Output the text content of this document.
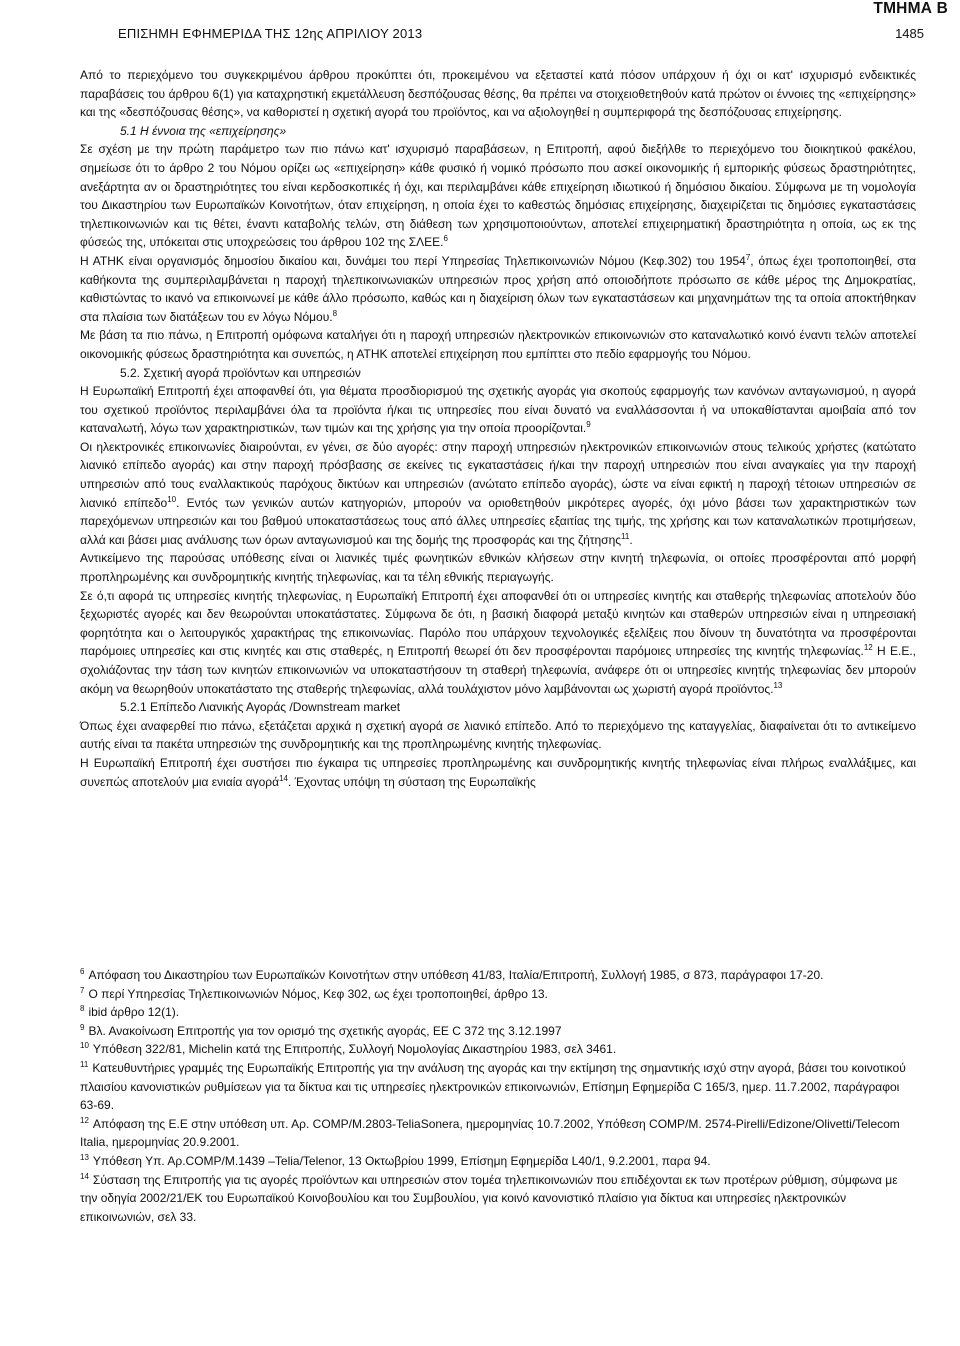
ΤΜΗΜΑ Β
ΕΠΙΣΗΜΗ ΕΦΗΜΕΡΙΔΑ ΤΗΣ 12ης ΑΠΡΙΛΙΟΥ 2013	1485

Από το περιεχόμενο του συγκεκριμένου άρθρου προκύπτει ότι, προκειμένου να εξεταστεί κατά πόσον υπάρχουν ή όχι οι κατ' ισχυρισμό ενδεικτικές παραβάσεις του άρθρου 6(1) για καταχρηστική εκμετάλλευση δεσπόζουσας θέσης, θα πρέπει να στοιχειοθετηθούν κατά πρώτον οι έννοιες της «επιχείρησης» και της «δεσπόζουσας θέσης», να καθοριστεί η σχετική αγορά του προϊόντος, και να αξιολογηθεί η συμπεριφορά της δεσπόζουσας επιχείρησης.

5.1 Η έννοια της «επιχείρησης»

Σε σχέση με την πρώτη παράμετρο των πιο πάνω κατ' ισχυρισμό παραβάσεων, η Επιτροπή, αφού διεξήλθε το περιεχόμενο του διοικητικού φακέλου, σημείωσε ότι το άρθρο 2 του Νόμου ορίζει ως «επιχείρηση» κάθε φυσικό ή νομικό πρόσωπο που ασκεί οικονομικής ή εμπορικής φύσεως δραστηριότητες, ανεξάρτητα αν οι δραστηριότητες του είναι κερδοσκοπικές ή όχι, και περιλαμβάνει κάθε επιχείρηση ιδιωτικού ή δημόσιου δικαίου. Σύμφωνα με τη νομολογία του Δικαστηρίου των Ευρωπαϊκών Κοινοτήτων, όταν επιχείρηση, η οποία έχει το καθεστώς δημόσιας επιχείρησης, διαχειρίζεται τις δημόσιες εγκαταστάσεις τηλεπικοινωνιών και τις θέτει, έναντι καταβολής τελών, στη διάθεση των χρησιμοποιούντων, αποτελεί επιχειρηματική δραστηριότητα η οποία, ως εκ της φύσεώς της, υπόκειται στις υποχρεώσεις του άρθρου 102 της ΣΛΕΕ.$^6$

Η ΑΤΗΚ είναι οργανισμός δημοσίου δικαίου και, δυνάμει του περί Υπηρεσίας Τηλεπικοινωνιών Νόμου (Κεφ.302) του 1954$^7$, όπως έχει τροποποιηθεί, στα καθήκοντα της συμπεριλαμβάνεται η παροχή τηλεπικοινωνιακών υπηρεσιών προς χρήση από οποιοδήποτε πρόσωπο σε κάθε μέρος της Δημοκρατίας, καθιστώντας το ικανό να επικοινωνεί με κάθε άλλο πρόσωπο, καθώς και η διαχείριση όλων των εγκαταστάσεων και μηχανημάτων της τα οποία αποκτήθηκαν στα πλαίσια των διατάξεων του εν λόγω Νόμου.$^8$

Με βάση τα πιο πάνω, η Επιτροπή ομόφωνα καταλήγει ότι η παροχή υπηρεσιών ηλεκτρονικών επικοινωνιών στο καταναλωτικό κοινό έναντι τελών αποτελεί οικονομικής φύσεως δραστηριότητα και συνεπώς, η ΑΤΗΚ αποτελεί επιχείρηση που εμπίπτει στο πεδίο εφαρμογής του Νόμου.

5.2. Σχετική αγορά προϊόντων και υπηρεσιών

Η Ευρωπαϊκή Επιτροπή έχει αποφανθεί ότι, για θέματα προσδιορισμού της σχετικής αγοράς για σκοπούς εφαρμογής των κανόνων ανταγωνισμού, η αγορά του σχετικού προϊόντος περιλαμβάνει όλα τα προϊόντα ή/και τις υπηρεσίες που είναι δυνατό να εναλλάσσονται ή να υποκαθίστανται αμοιβαία από τον καταναλωτή, λόγω των χαρακτηριστικών, των τιμών και της χρήσης για την οποία προορίζονται.$^9$

Οι ηλεκτρονικές επικοινωνίες διαιρούνται, εν γένει, σε δύο αγορές: στην παροχή υπηρεσιών ηλεκτρονικών επικοινωνιών στους τελικούς χρήστες (κατώτατο λιανικό επίπεδο αγοράς) και στην παροχή πρόσβασης σε εκείνες τις εγκαταστάσεις ή/και την παροχή υπηρεσιών που είναι αναγκαίες για την παροχή υπηρεσιών από τους εναλλακτικούς παρόχους δικτύων και υπηρεσιών (ανώτατο επίπεδο αγοράς), ώστε να είναι εφικτή η παροχή τέτοιων υπηρεσιών σε λιανικό επίπεδο$^{10}$. Εντός των γενικών αυτών κατηγοριών, μπορούν να οριοθετηθούν μικρότερες αγορές, όχι μόνο βάσει των χαρακτηριστικών των παρεχόμενων υπηρεσιών και του βαθμού υποκαταστάσεως τους από άλλες υπηρεσίες εξαιτίας της τιμής, της χρήσης και των καταναλωτικών προτιμήσεων, αλλά και βάσει μιας ανάλυσης των όρων ανταγωνισμού και της δομής της προσφοράς και της ζήτησης$^{11}$.

Αντικείμενο της παρούσας υπόθεσης είναι οι λιανικές τιμές φωνητικών εθνικών κλήσεων στην κινητή τηλεφωνία, οι οποίες προσφέρονται από μορφή προπληρωμένης και συνδρομητικής κινητής τηλεφωνίας, και τα τέλη εθνικής περιαγωγής.

Σε ό,τι αφορά τις υπηρεσίες κινητής τηλεφωνίας, η Ευρωπαϊκή Επιτροπή έχει αποφανθεί ότι οι υπηρεσίες κινητής και σταθερής τηλεφωνίας αποτελούν δύο ξεχωριστές αγορές και δεν θεωρούνται υποκατάστατες. Σύμφωνα δε ότι, η βασική διαφορά μεταξύ κινητών και σταθερών υπηρεσιών είναι η υπηρεσιακή φορητότητα και ο λειτουργικός χαρακτήρας της επικοινωνίας. Παρόλο που υπάρχουν τεχνολογικές εξελίξεις που δίνουν τη δυνατότητα να προσφέρονται παρόμοιες υπηρεσίες και στις κινητές και στις σταθερές, η Επιτροπή θεωρεί ότι δεν προσφέρονται παρόμοιες υπηρεσίες της κινητής τηλεφωνίας.$^{12}$ Η Ε.Ε., σχολιάζοντας την τάση των κινητών επικοινωνιών να υποκαταστήσουν τη σταθερή τηλεφωνία, ανάφερε ότι οι υπηρεσίες κινητής τηλεφωνίας δεν μπορούν ακόμη να θεωρηθούν υποκατάστατο της σταθερής τηλεφωνίας, αλλά τουλάχιστον μόνο λαμβάνονται ως χωριστή αγορά προϊόντος.$^{13}$

5.2.1 Επίπεδο Λιανικής Αγοράς /Downstream market

Όπως έχει αναφερθεί πιο πάνω, εξετάζεται αρχικά η σχετική αγορά σε λιανικό επίπεδο. Από το περιεχόμενο της καταγγελίας, διαφαίνεται ότι το αντικείμενο αυτής είναι τα πακέτα υπηρεσιών της συνδρομητικής και της προπληρωμένης κινητής τηλεφωνίας.

Η Ευρωπαϊκή Επιτροπή έχει συστήσει πιο έγκαιρα τις υπηρεσίες προπληρωμένης και συνδρομητικής κινητής τηλεφωνίας είναι πλήρως εναλλάξιμες, και συνεπώς αποτελούν μια ενιαία αγορά$^{14}$. Έχοντας υπόψη τη σύσταση της Ευρωπαϊκής

$^6$ Απόφαση του Δικαστηρίου των Ευρωπαϊκών Κοινοτήτων στην υπόθεση 41/83, Ιταλία/Επιτροπή, Συλλογή 1985, σ 873, παράγραφοι 17-20.

$^7$ Ο περί Υπηρεσίας Τηλεπικοινωνιών Νόμος, Κεφ 302, ως έχει τροποποιηθεί, άρθρο 13.

$^8$ ibid άρθρο 12(1).

$^9$ Βλ. Ανακοίνωση Επιτροπής για τον ορισμό της σχετικής αγοράς, ΕΕ C 372 της 3.12.1997

$^{10}$ Υπόθεση 322/81, Michelin κατά της Επιτροπής, Συλλογή Νομολογίας Δικαστηρίου 1983, σελ 3461.

$^{11}$ Κατευθυντήριες γραμμές της Ευρωπαϊκής Επιτροπής για την ανάλυση της αγοράς και την εκτίμηση της σημαντικής ισχύ στην αγορά, βάσει του κοινοτικού πλαισίου κανονιστικών ρυθμίσεων για τα δίκτυα και τις υπηρεσίες ηλεκτρονικών επικοινωνιών, Επίσημη Εφημερίδα C 165/3, ημερ. 11.7.2002, παράγραφοι 63-69.

$^{12}$ Απόφαση της Ε.Ε στην υπόθεση υπ. Αρ. COMP/M.2803-TeliaSonera, ημερομηνίας 10.7.2002, Υπόθεση COMP/M. 2574-Pirelli/Edizone/Olivetti/Telecom Italia, ημερομηνίας 20.9.2001.

$^{13}$ Υπόθεση Υπ. Αρ.COMP/M.1439 –Telia/Telenor, 13 Οκτωβρίου 1999, Επίσημη Εφημερίδα L40/1, 9.2.2001, παρα 94.

$^{14}$ Σύσταση της Επιτροπής για τις αγορές προϊόντων και υπηρεσιών στον τομέα τηλεπικοινωνιών που επιδέχονται εκ των προτέρων ρύθμιση, σύμφωνα με την οδηγία 2002/21/ΕΚ του Ευρωπαϊκού Κοινοβουλίου και του Συμβουλίου, για κοινό κανονιστικό πλαίσιο για δίκτυα και υπηρεσίες ηλεκτρονικών επικοινωνιών, σελ 33.
